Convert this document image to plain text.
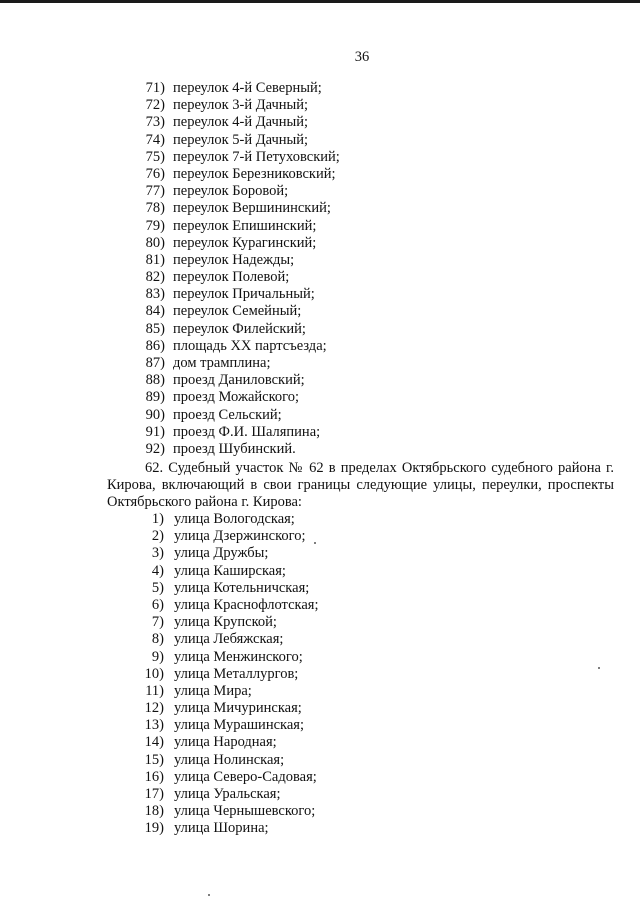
36
71) переулок 4-й Северный;
72) переулок 3-й Дачный;
73) переулок 4-й Дачный;
74) переулок 5-й Дачный;
75) переулок 7-й Петуховский;
76) переулок Березниковский;
77) переулок Боровой;
78) переулок Вершининский;
79) переулок Епишинский;
80) переулок Курагинский;
81) переулок Надежды;
82) переулок Полевой;
83) переулок Причальный;
84) переулок Семейный;
85) переулок Филейский;
86) площадь XX партсъезда;
87) дом трамплина;
88) проезд Даниловский;
89) проезд Можайского;
90) проезд Сельский;
91) проезд Ф.И. Шаляпина;
92) проезд Шубинский.

62. Судебный участок № 62 в пределах Октябрьского судебного района г. Кирова, включающий в свои границы следующие улицы, переулки, проспекты Октябрьского района г. Кирова:

1) улица Вологодская;
2) улица Дзержинского;
3) улица Дружбы;
4) улица Каширская;
5) улица Котельничская;
6) улица Краснофлотская;
7) улица Крупской;
8) улица Лебяжская;
9) улица Менжинского;
10) улица Металлургов;
11) улица Мира;
12) улица Мичуринская;
13) улица Мурашинская;
14) улица Народная;
15) улица Нолинская;
16) улица Северо-Садовая;
17) улица Уральская;
18) улица Чернышевского;
19) улица Шорина;
